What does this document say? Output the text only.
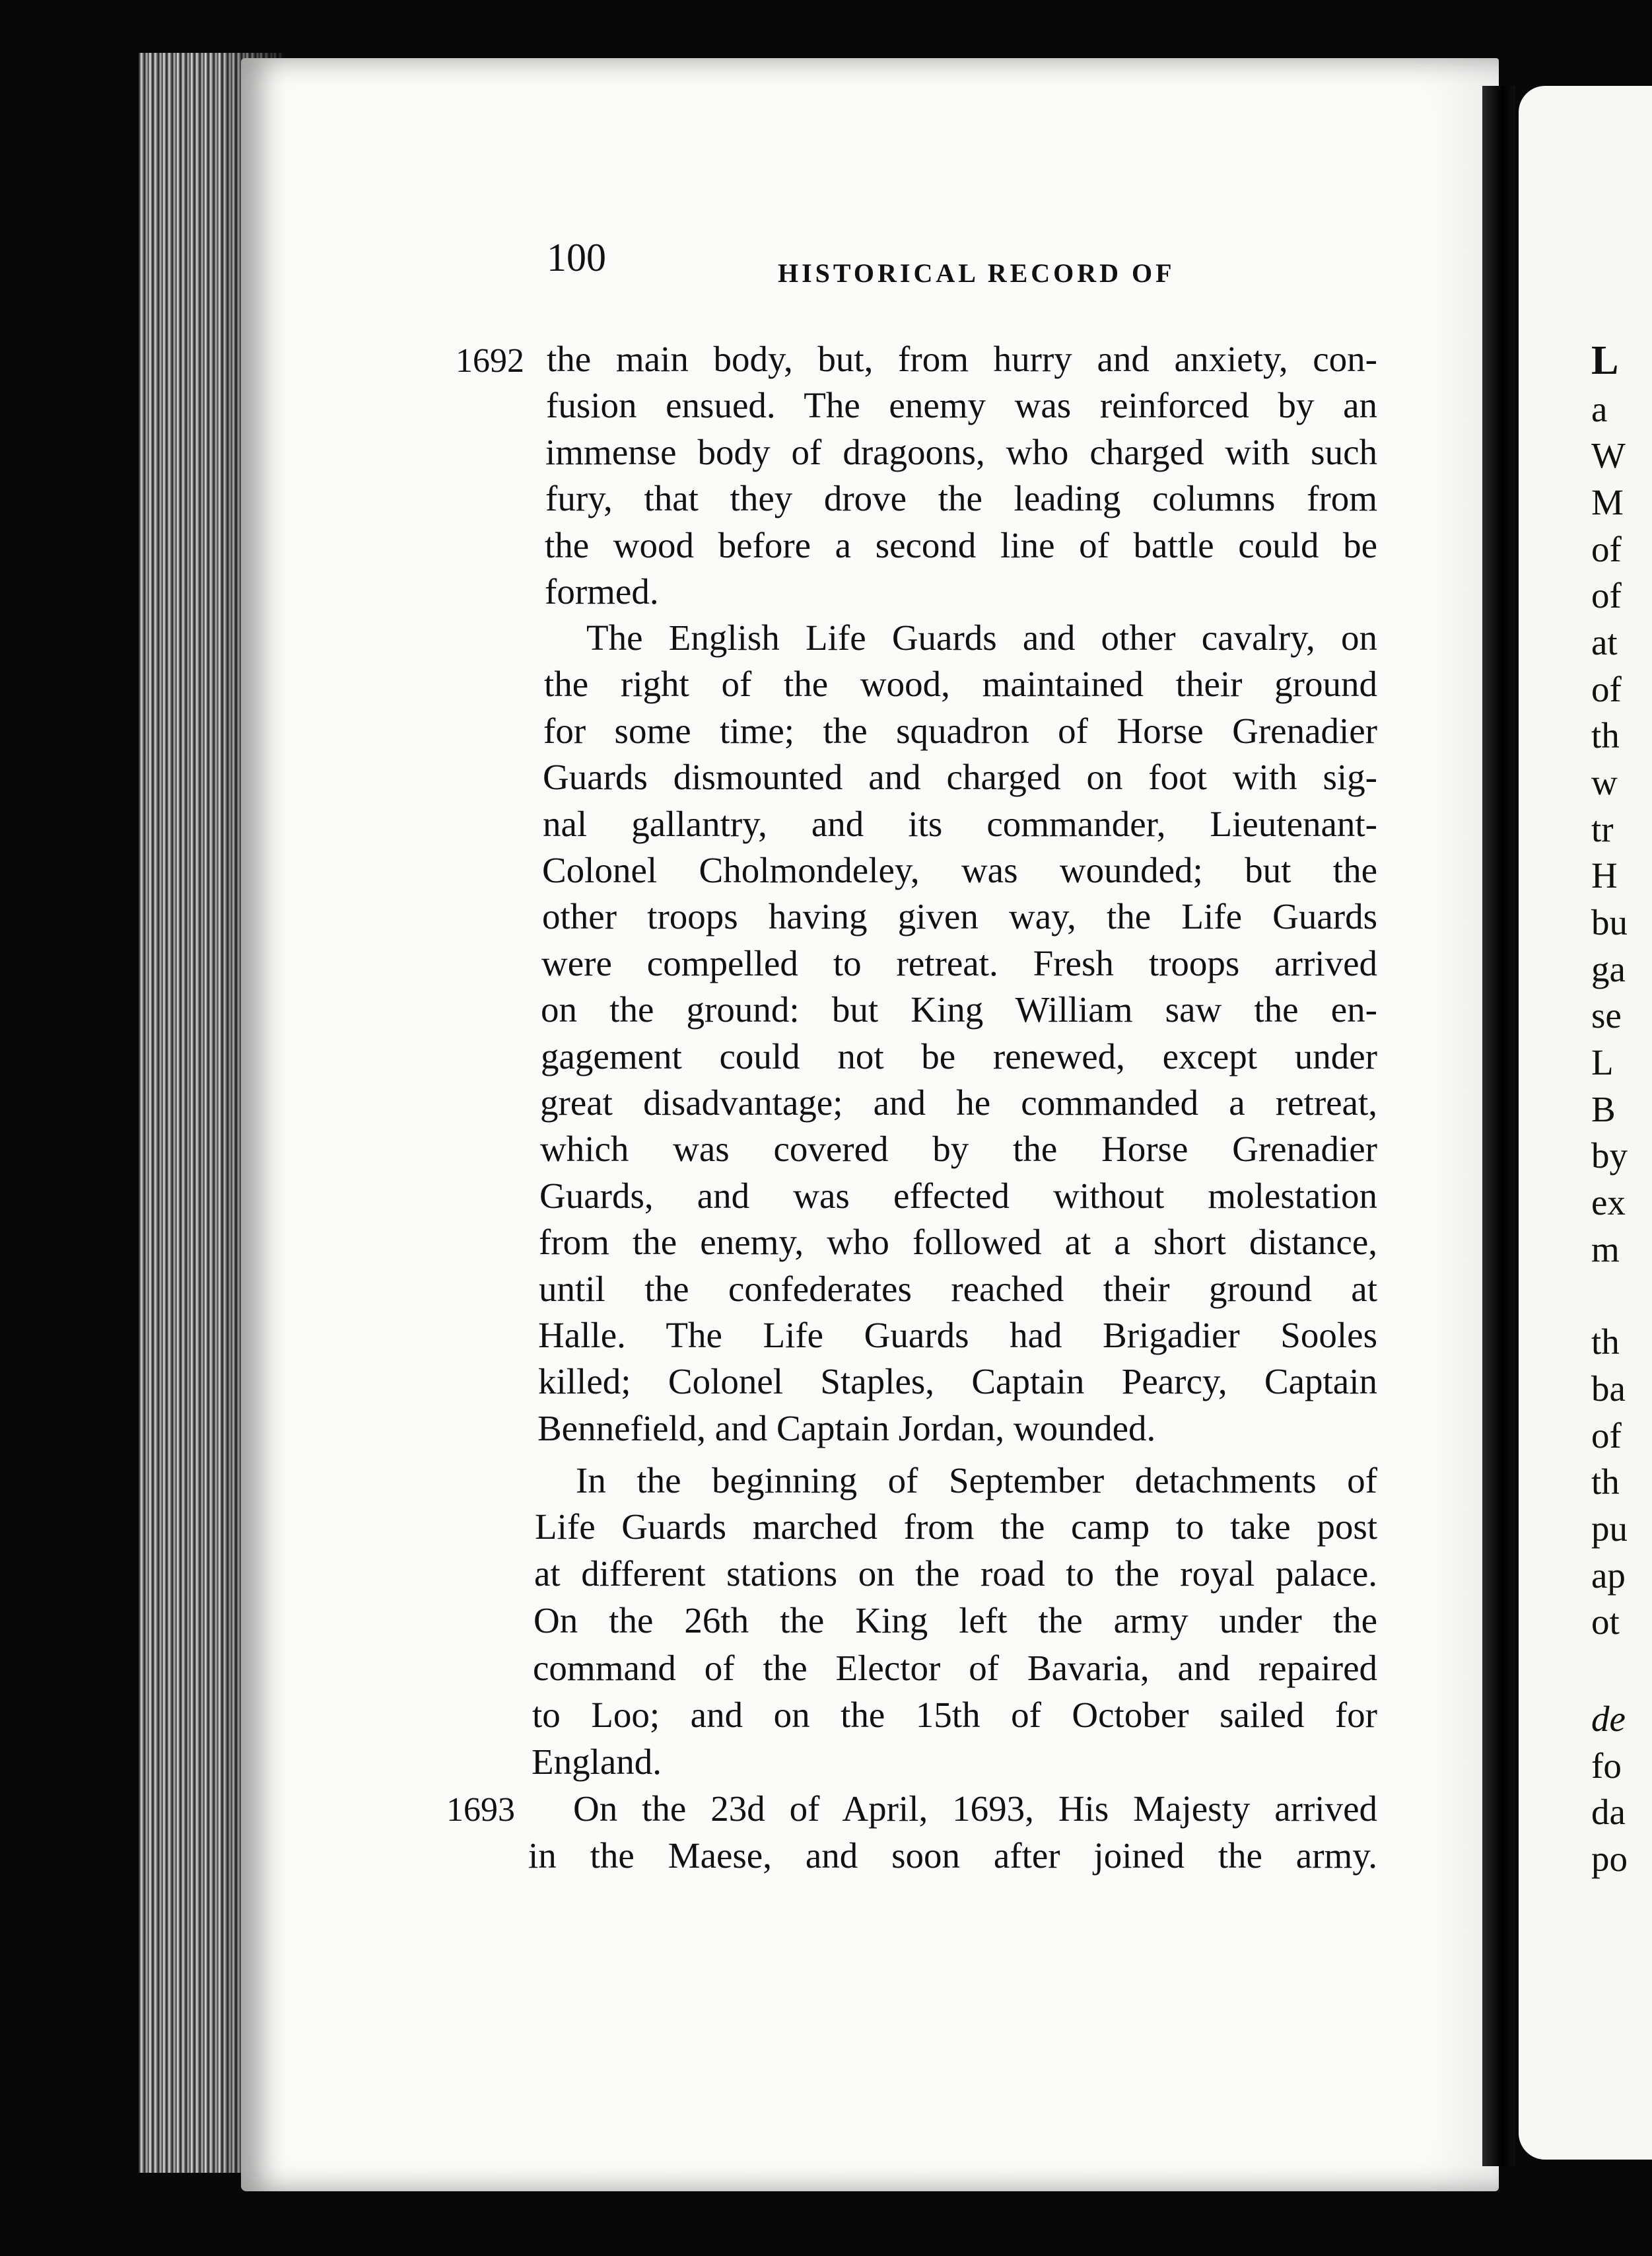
100	HISTORICAL RECORD OF
1692
1693
the main body, but, from hurry and anxiety, con-
fusion ensued. The enemy was reinforced by an
immense body of dragoons, who charged with such
fury, that they drove the leading columns from
the wood before a second line of battle could be
formed.
The English Life Guards and other cavalry, on
the right of the wood, maintained their ground
for some time; the squadron of Horse Grenadier
Guards dismounted and charged on foot with sig-
nal gallantry, and its commander, Lieutenant-
Colonel Cholmondeley, was wounded; but the
other troops having given way, the Life Guards
were compelled to retreat. Fresh troops arrived
on the ground: but King William saw the en-
gagement could not be renewed, except under
great disadvantage; and he commanded a retreat,
which was covered by the Horse Grenadier
Guards, and was effected without molestation
from the enemy, who followed at a short distance,
until the confederates reached their ground at
Halle. The Life Guards had Brigadier Sooles
killed; Colonel Staples, Captain Pearcy, Captain
Bennefield, and Captain Jordan, wounded.
In the beginning of September detachments of
Life Guards marched from the camp to take post
at different stations on the road to the royal palace.
On the 26th the King left the army under the
command of the Elector of Bavaria, and repaired
to Loo; and on the 15th of October sailed for
England.
On the 23d of April, 1693, His Majesty arrived
in the Maese, and soon after joined the army.
L
a
W
M
of
of
at
of
th
w
tr
H
bu
ga
se
L
B
by
ex
m
th
ba
of
th
pu
ap
ot
de
fo
da
po
